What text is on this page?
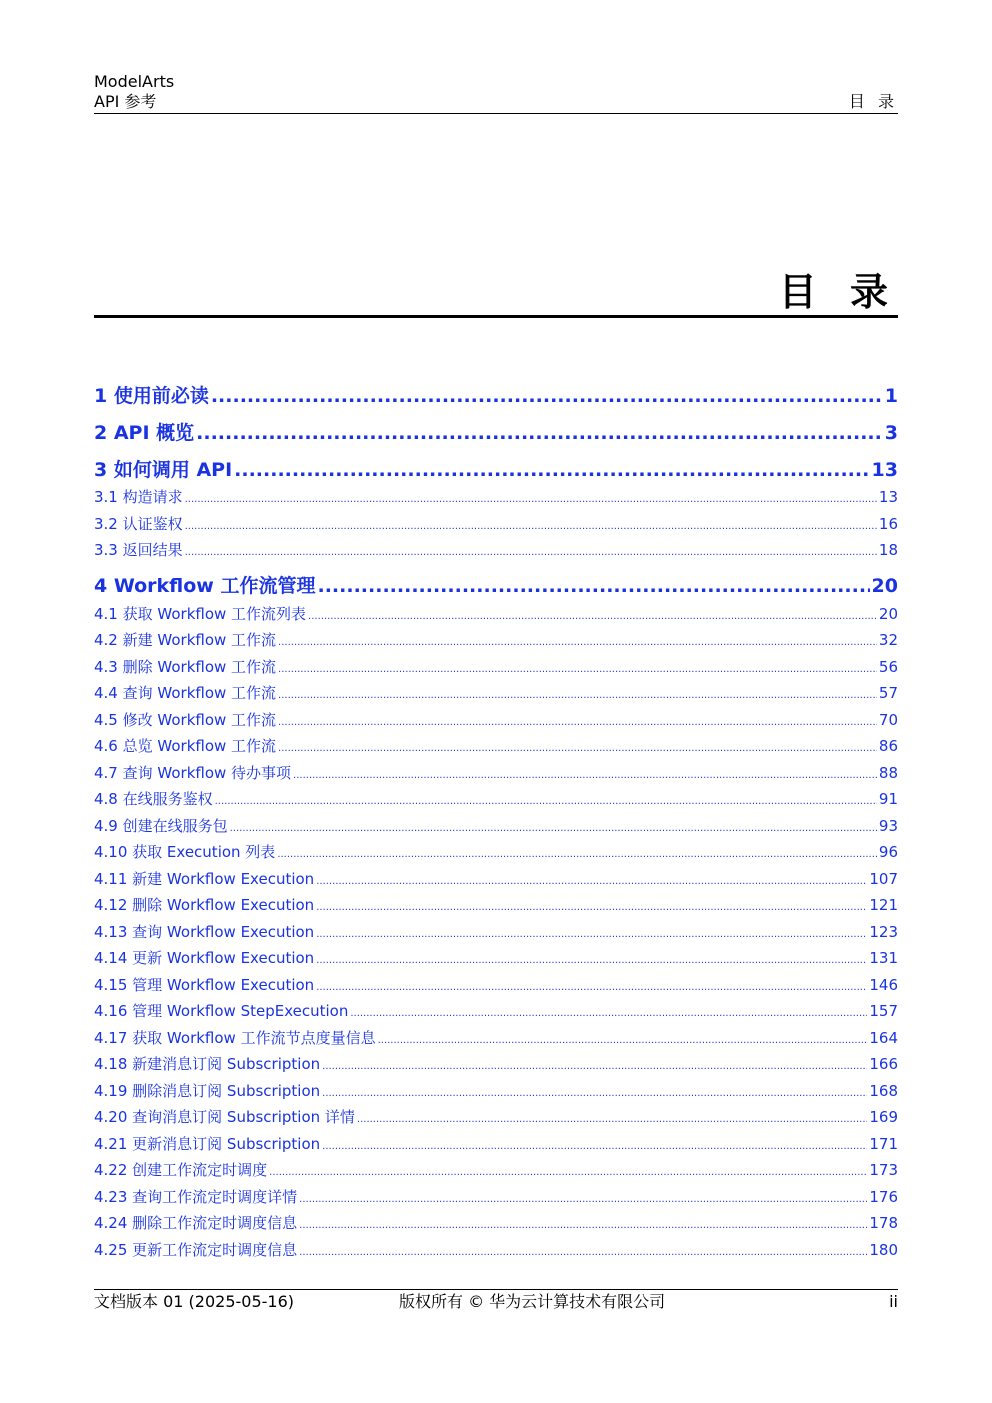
ModelArts
API 参考	目 录
目 录
1 使用前必读 .....	1
2 API 概览 .....	3
3 如何调用 API .....	13
3.1 构造请求 .....	13
3.2 认证鉴权 .....	16
3.3 返回结果 .....	18
4 Workflow 工作流管理 .....	20
4.1 获取 Workflow 工作流列表 .....	20
4.2 新建 Workflow 工作流 .....	32
4.3 删除 Workflow 工作流 .....	56
4.4 查询 Workflow 工作流 .....	57
4.5 修改 Workflow 工作流 .....	70
4.6 总览 Workflow 工作流 .....	86
4.7 查询 Workflow 待办事项 .....	88
4.8 在线服务鉴权 .....	91
4.9 创建在线服务包 .....	93
4.10 获取 Execution 列表 .....	96
4.11 新建 Workflow Execution .....	107
4.12 删除 Workflow Execution .....	121
4.13 查询 Workflow Execution .....	123
4.14 更新 Workflow Execution .....	131
4.15 管理 Workflow Execution .....	146
4.16 管理 Workflow StepExecution .....	157
4.17 获取 Workflow 工作流节点度量信息 .....	164
4.18 新建消息订阅 Subscription .....	166
4.19 删除消息订阅 Subscription .....	168
4.20 查询消息订阅 Subscription 详情 .....	169
4.21 更新消息订阅 Subscription .....	171
4.22 创建工作流定时调度 .....	173
4.23 查询工作流定时调度详情 .....	176
4.24 删除工作流定时调度信息 .....	178
4.25 更新工作流定时调度信息 .....	180
文档版本 01 (2025-05-16)	版权所有 © 华为云计算技术有限公司	ii
